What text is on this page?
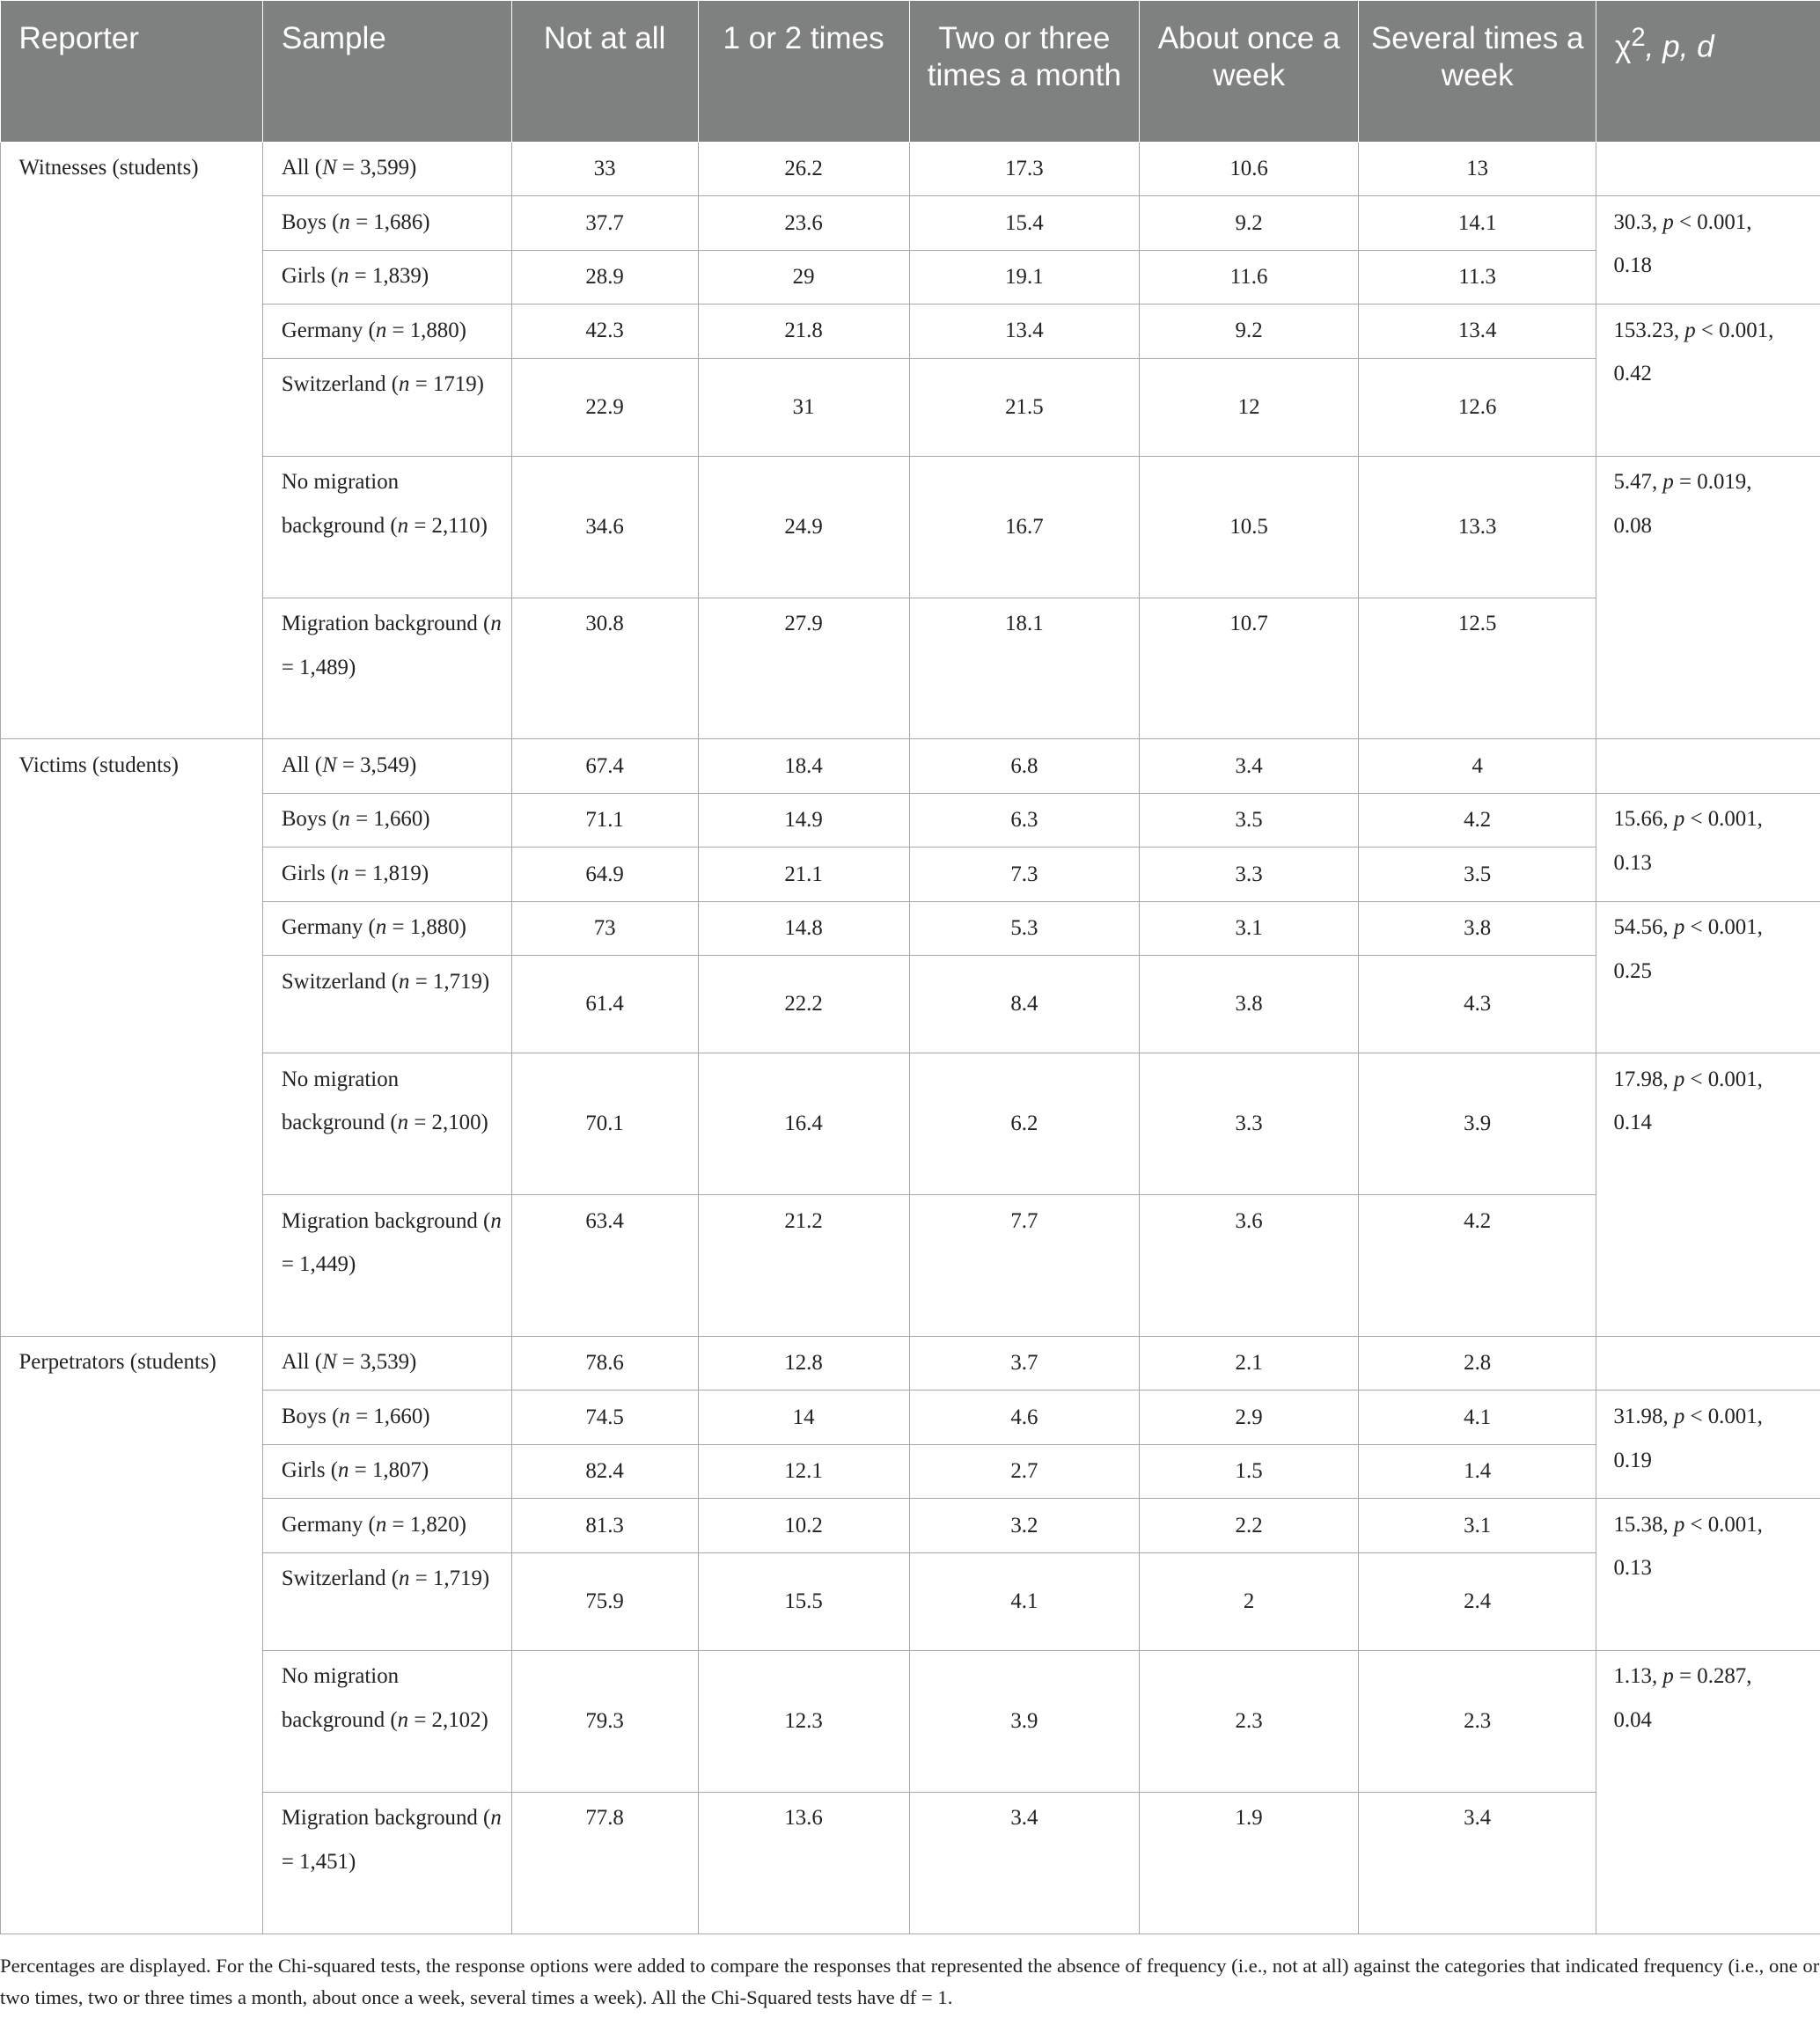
Reporter	Sample	Not at all	1 or 2 times	Two or three times a month	About once a week	Several times a week	$\chi^2$, p, d
Witnesses (students)	All (N = 3,599)	33	26.2	17.3	10.6	13	
	Boys (n = 1,686)	37.7	23.6	15.4	9.2	14.1	30.3, p < 0.001,
0.18

	Girls (n = 1,839)	28.9	29	19.1	11.6	11.3	
	Germany (n = 1,880)	42.3	21.8	13.4	9.2	13.4	153.23, p < 0.001,
0.42

	Switzerland (n = 1719)	22.9	31	21.5	12	12.6	
	No migration background (n = 2,110)	34.6	24.9	16.7	10.5	13.3	5.47, p = 0.019,
0.08

	Migration background (n = 1,489)	30.8	27.9	18.1	10.7	12.5	
Victims (students)	All (N = 3,549)	67.4	18.4	6.8	3.4	4	
	Boys (n = 1,660)	71.1	14.9	6.3	3.5	4.2	15.66, p < 0.001,
0.13

	Girls (n = 1,819)	64.9	21.1	7.3	3.3	3.5	
	Germany (n = 1,880)	73	14.8	5.3	3.1	3.8	54.56, p < 0.001,
0.25

	Switzerland (n = 1,719)	61.4	22.2	8.4	3.8	4.3	
	No migration background (n = 2,100)	70.1	16.4	6.2	3.3	3.9	17.98, p < 0.001,
0.14

	Migration background (n = 1,449)	63.4	21.2	7.7	3.6	4.2	
Perpetrators (students)	All (N = 3,539)	78.6	12.8	3.7	2.1	2.8	
	Boys (n = 1,660)	74.5	14	4.6	2.9	4.1	31.98, p < 0.001,
0.19

	Girls (n = 1,807)	82.4	12.1	2.7	1.5	1.4	
	Germany (n = 1,820)	81.3	10.2	3.2	2.2	3.1	15.38, p < 0.001,
0.13

	Switzerland (n = 1,719)	75.9	15.5	4.1	2	2.4	
	No migration background (n = 2,102)	79.3	12.3	3.9	2.3	2.3	1.13, p = 0.287,
0.04

	Migration background (n = 1,451)	77.8	13.6	3.4	1.9	3.4	
Percentages are displayed. For the Chi-squared tests, the response options were added to compare the responses that represented the absence of frequency (i.e., not at all) against the categories that indicated frequency (i.e., one or two times, two or three times a month, about once a week, several times a week). All the Chi-Squared tests have df = 1.
